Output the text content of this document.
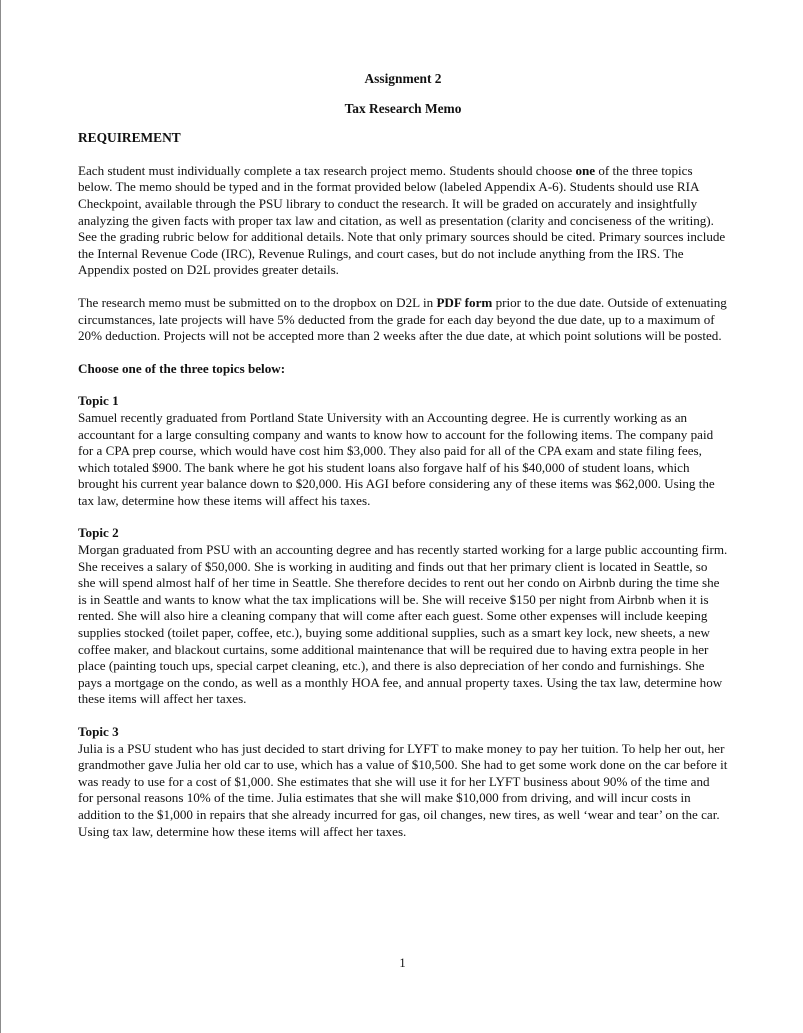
Assignment 2

Tax Research Memo

REQUIREMENT

Each student must individually complete a tax research project memo. Students should choose one of the three topics below. The memo should be typed and in the format provided below (labeled Appendix A-6). Students should use RIA Checkpoint, available through the PSU library to conduct the research. It will be graded on accurately and insightfully analyzing the given facts with proper tax law and citation, as well as presentation (clarity and conciseness of the writing). See the grading rubric below for additional details. Note that only primary sources should be cited. Primary sources include the Internal Revenue Code (IRC), Revenue Rulings, and court cases, but do not include anything from the IRS. The Appendix posted on D2L provides greater details.

The research memo must be submitted on to the dropbox on D2L in PDF form prior to the due date. Outside of extenuating circumstances, late projects will have 5% deducted from the grade for each day beyond the due date, up to a maximum of 20% deduction. Projects will not be accepted more than 2 weeks after the due date, at which point solutions will be posted.

Choose one of the three topics below:

Topic 1

Samuel recently graduated from Portland State University with an Accounting degree. He is currently working as an accountant for a large consulting company and wants to know how to account for the following items. The company paid for a CPA prep course, which would have cost him $3,000. They also paid for all of the CPA exam and state filing fees, which totaled $900. The bank where he got his student loans also forgave half of his $40,000 of student loans, which brought his current year balance down to $20,000. His AGI before considering any of these items was $62,000. Using the tax law, determine how these items will affect his taxes.

Topic 2

Morgan graduated from PSU with an accounting degree and has recently started working for a large public accounting firm. She receives a salary of $50,000. She is working in auditing and finds out that her primary client is located in Seattle, so she will spend almost half of her time in Seattle. She therefore decides to rent out her condo on Airbnb during the time she is in Seattle and wants to know what the tax implications will be. She will receive $150 per night from Airbnb when it is rented. She will also hire a cleaning company that will come after each guest. Some other expenses will include keeping supplies stocked (toilet paper, coffee, etc.), buying some additional supplies, such as a smart key lock, new sheets, a new coffee maker, and blackout curtains, some additional maintenance that will be required due to having extra people in her place (painting touch ups, special carpet cleaning, etc.), and there is also depreciation of her condo and furnishings. She pays a mortgage on the condo, as well as a monthly HOA fee, and annual property taxes. Using the tax law, determine how these items will affect her taxes.

Topic 3

Julia is a PSU student who has just decided to start driving for LYFT to make money to pay her tuition. To help her out, her grandmother gave Julia her old car to use, which has a value of $10,500. She had to get some work done on the car before it was ready to use for a cost of $1,000. She estimates that she will use it for her LYFT business about 90% of the time and for personal reasons 10% of the time. Julia estimates that she will make $10,000 from driving, and will incur costs in addition to the $1,000 in repairs that she already incurred for gas, oil changes, new tires, as well ‘wear and tear’ on the car. Using tax law, determine how these items will affect her taxes.

1
